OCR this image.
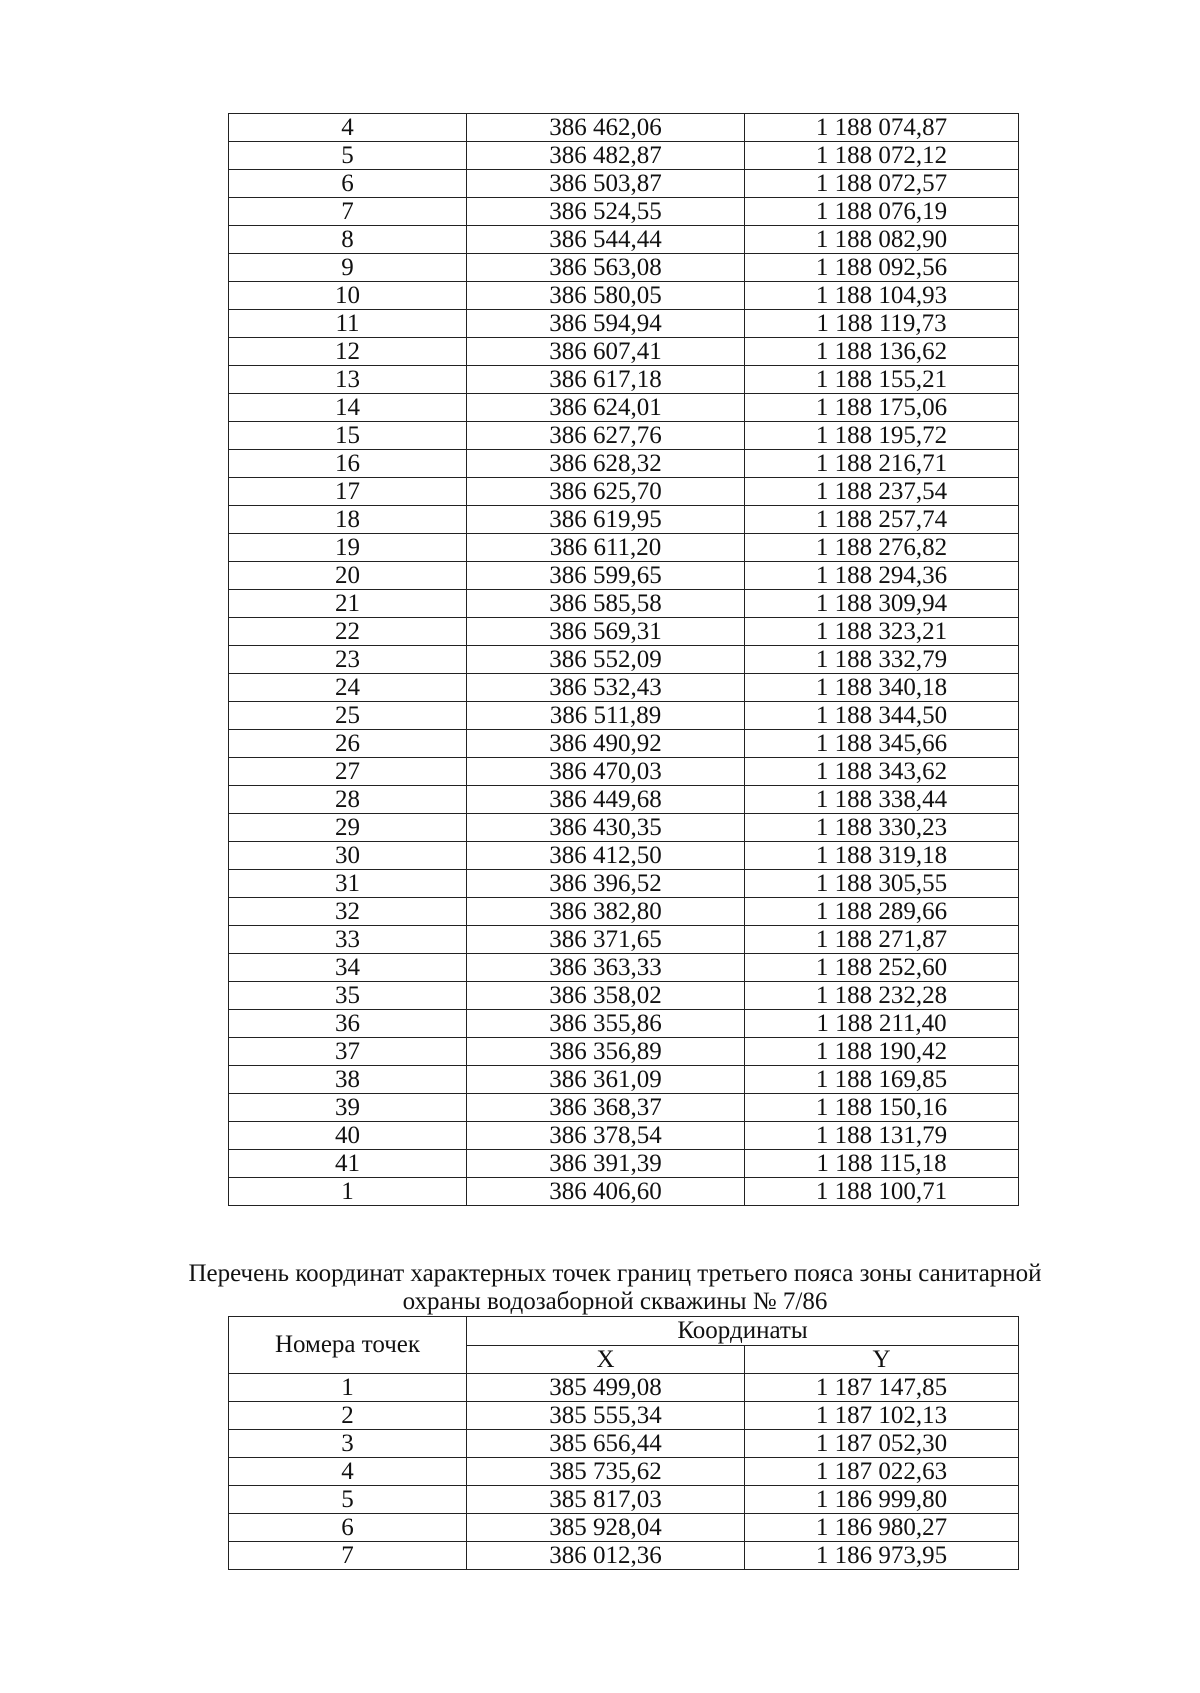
4	386 462,06	1 188 074,87
5	386 482,87	1 188 072,12
6	386 503,87	1 188 072,57
7	386 524,55	1 188 076,19
8	386 544,44	1 188 082,90
9	386 563,08	1 188 092,56
10	386 580,05	1 188 104,93
11	386 594,94	1 188 119,73
12	386 607,41	1 188 136,62
13	386 617,18	1 188 155,21
14	386 624,01	1 188 175,06
15	386 627,76	1 188 195,72
16	386 628,32	1 188 216,71
17	386 625,70	1 188 237,54
18	386 619,95	1 188 257,74
19	386 611,20	1 188 276,82
20	386 599,65	1 188 294,36
21	386 585,58	1 188 309,94
22	386 569,31	1 188 323,21
23	386 552,09	1 188 332,79
24	386 532,43	1 188 340,18
25	386 511,89	1 188 344,50
26	386 490,92	1 188 345,66
27	386 470,03	1 188 343,62
28	386 449,68	1 188 338,44
29	386 430,35	1 188 330,23
30	386 412,50	1 188 319,18
31	386 396,52	1 188 305,55
32	386 382,80	1 188 289,66
33	386 371,65	1 188 271,87
34	386 363,33	1 188 252,60
35	386 358,02	1 188 232,28
36	386 355,86	1 188 211,40
37	386 356,89	1 188 190,42
38	386 361,09	1 188 169,85
39	386 368,37	1 188 150,16
40	386 378,54	1 188 131,79
41	386 391,39	1 188 115,18
1	386 406,60	1 188 100,71
Перечень координат характерных точек границ третьего пояса зоны санитарной
охраны водозаборной скважины № 7/86
Номера точек	Координаты	
	X	Y
1	385 499,08	1 187 147,85
2	385 555,34	1 187 102,13
3	385 656,44	1 187 052,30
4	385 735,62	1 187 022,63
5	385 817,03	1 186 999,80
6	385 928,04	1 186 980,27
7	386 012,36	1 186 973,95
